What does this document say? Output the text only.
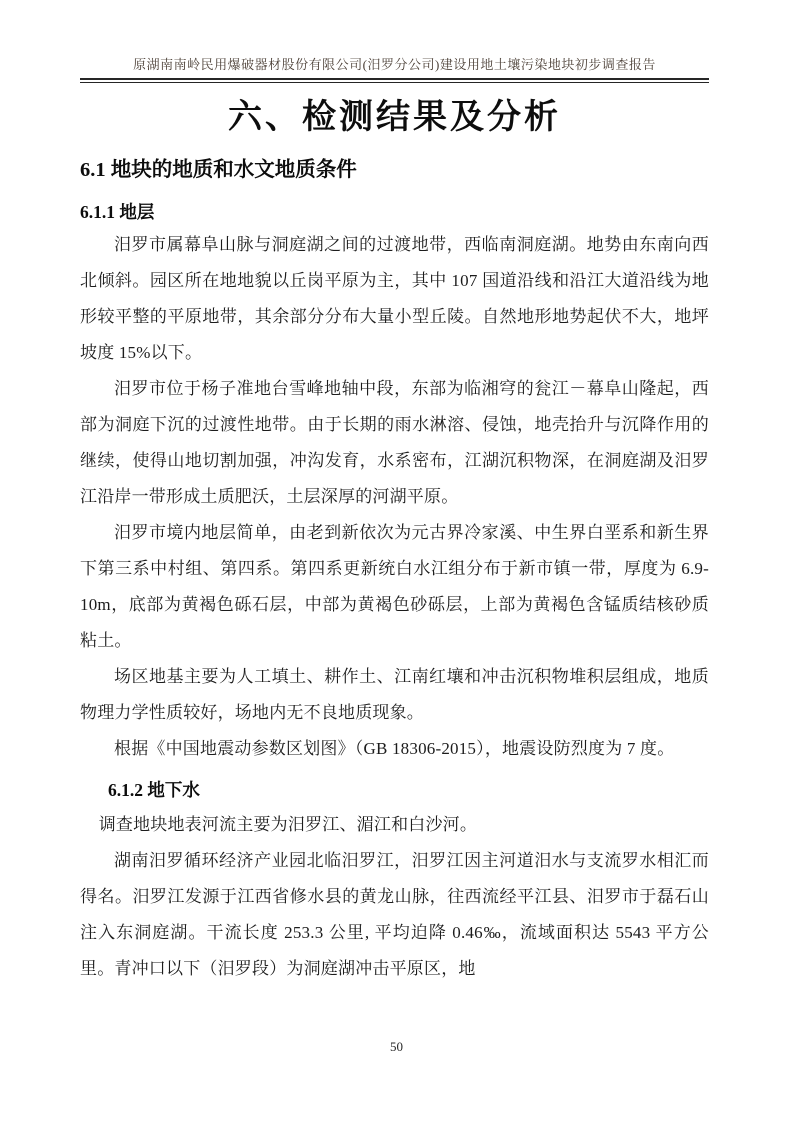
原湖南南岭民用爆破器材股份有限公司(汨罗分公司)建设用地土壤污染地块初步调查报告
六、检测结果及分析
6.1 地块的地质和水文地质条件
6.1.1 地层

汨罗市属幕阜山脉与洞庭湖之间的过渡地带，西临南洞庭湖。地势由东南向西北倾斜。园区所在地地貌以丘岗平原为主，其中 107 国道沿线和沿江大道沿线为地形较平整的平原地带，其余部分分布大量小型丘陵。自然地形地势起伏不大，地坪坡度 15%以下。

汨罗市位于杨子准地台雪峰地轴中段，东部为临湘穹的瓮江－幕阜山隆起，西部为洞庭下沉的过渡性地带。由于长期的雨水淋溶、侵蚀，地壳抬升与沉降作用的继续，使得山地切割加强，冲沟发育，水系密布，江湖沉积物深，在洞庭湖及汨罗江沿岸一带形成土质肥沃，土层深厚的河湖平原。

汨罗市境内地层简单，由老到新依次为元古界冷家溪、中生界白垩系和新生界下第三系中村组、第四系。第四系更新统白水江组分布于新市镇一带，厚度为 6.9-10m，底部为黄褐色砾石层，中部为黄褐色砂砾层，上部为黄褐色含锰质结核砂质粘土。

场区地基主要为人工填土、耕作土、江南红壤和冲击沉积物堆积层组成，地质物理力学性质较好，场地内无不良地质现象。

根据《中国地震动参数区划图》（GB 18306-2015），地震设防烈度为 7 度。

6.1.2 地下水

调查地块地表河流主要为汨罗江、湄江和白沙河。

湖南汨罗循环经济产业园北临汨罗江，汨罗江因主河道汨水与支流罗水相汇而得名。汨罗江发源于江西省修水县的黄龙山脉，往西流经平江县、汨罗市于磊石山注入东洞庭湖。干流长度 253.3 公里, 平均迫降 0.46‰，流域面积达 5543 平方公里。青冲口以下（汨罗段）为洞庭湖冲击平原区，地

50
